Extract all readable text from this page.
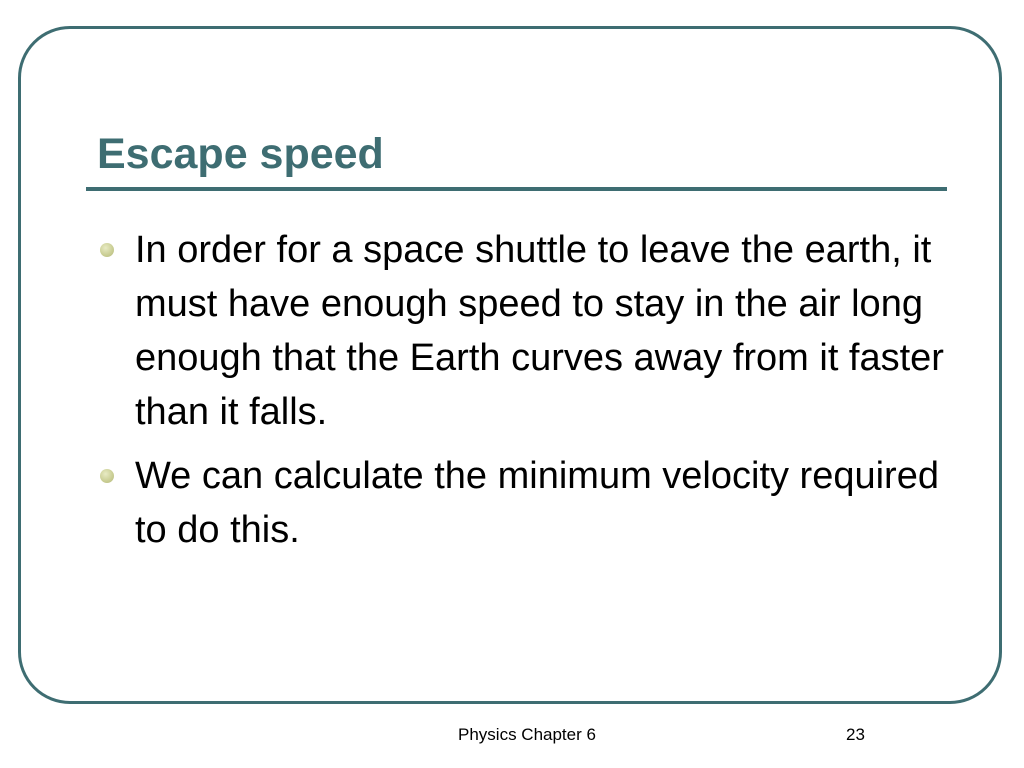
Escape speed
In order for a space shuttle to leave the earth, it must have enough speed to stay in the air long enough that the Earth curves away from it faster than it falls.
We can calculate the minimum velocity required to do this.
Physics Chapter 6	23
